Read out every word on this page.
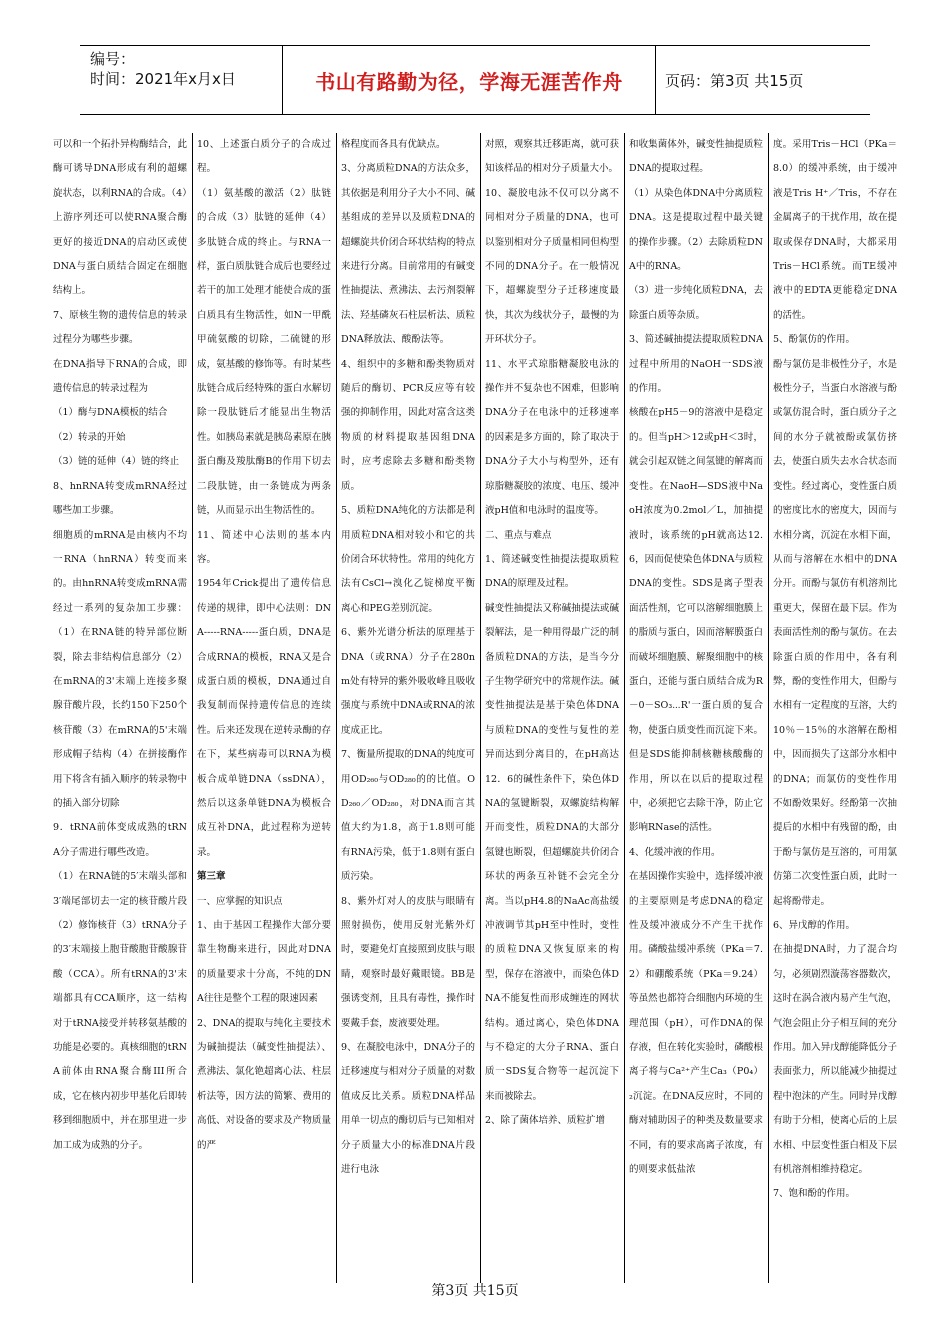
编号：
时间：2021年x月x日	书山有路勤为径，学海无涯苦作舟	页码：第3页 共15页

可以和一个拓扑异构酶结合，此酶可诱导DNA形成有利的超螺旋状态，以利RNA的合成。（4）上游序列还可以使RNA聚合酶更好的接近DNA的启动区或使DNA与蛋白质结合固定在细胞结构上。

7、原核生物的遗传信息的转录过程分为哪些步骤。

在DNA指导下RNA的合成，即遗传信息的转录过程为

（1）酶与DNA模板的结合

（2）转录的开始

（3）链的延伸（4）链的终止

8、hnRNA转变成mRNA经过哪些加工步骤。

细胞质的mRNA是由核内不均一RNA（hnRNA）转变而来的。由hnRNA转变成mRNA需经过一系列的复杂加工步骤：（1）在RNA链的特异部位断裂，除去非结构信息部分（2）在mRNA的3'末端上连接多聚腺苷酸片段，长约150下250个核苷酸（3）在mRNA的5'末端形成帽子结构（4）在拼接酶作用下将含有插入顺序的转录物中的插入部分切除

9．tRNA前体变成成熟的tRNA分子需进行哪些改造。

（1）在RNA链的5′末端头部和3′端尾部切去一定的核苷酸片段（2）修饰核苷（3）tRNA分子的3′末端接上胞苷酸胞苷酸腺苷酸（CCA）。所有tRNA的3'末端都具有CCA顺序，这一结构对于tRNA接受并转移氨基酸的功能是必要的。真核细胞的tRNA前体由RNA聚合酶III所合成，它在核内初步甲基化后即转移到细胞质中，并在那里进一步加工成为成熟的分子。

10、上述蛋白质分子的合成过程。

（1）氨基酸的激活（2）肽链的合成（3）肽链的延伸（4）多肽链合成的终止。与RNA一样，蛋白质肽链合成后也要经过若干的加工处理才能使合成的蛋白质具有生物活性，如N一甲酰甲硫氨酸的切除，二硫键的形成，氨基酸的修饰等。有时某些肽链合成后经特殊的蛋白水解切除一段肽链后才能显出生物活性。如胰岛素就是胰岛素原在胰蛋白酶及羧肽酶B的作用下切去二段肽链，由一条链成为两条链，从而显示出生物活性的。

11、简述中心法则的基本内容。

1954年Crick提出了遗传信息传递的规律，即中心法则：DNA-----RNA-----蛋白质，DNA是合成RNA的模板，RNA又是合成蛋白质的模板，DNA通过自我复制而保持遗传信息的连续性。后来还发现在逆转录酶的存在下，某些病毒可以RNA为模板合成单链DNA（ssDNA），然后以这条单链DNA为模板合成互补DNA，此过程称为逆转录。

第三章

一、应掌握的知识点

1、由于基因工程操作大部分要靠生物酶来进行，因此对DNA的质量要求十分高，不纯的DNA往往是整个工程的限速因素

2、DNA的提取与纯化主要技术为碱抽提法（碱变性抽提法）、煮沸法、氯化铯超离心法、柱层析法等，因方法的简繁、费用的高低、对设备的要求及产物质量的严

格程度而各具有优缺点。

3、分离质粒DNA的方法众多，其依据是利用分子大小不同、碱基组成的差异以及质粒DNA的超螺旋共价闭合环状结构的特点来进行分离。目前常用的有碱变性抽提法、煮沸法、去污剂裂解法、羟基磷灰石柱层析法、质粒DNA释放法、酸酚法等。

4、组织中的多糖和酚类物质对随后的酶切、PCR反应等有较强的抑制作用，因此对富含这类物质的材料提取基因组DNA时，应考虑除去多糖和酚类物质。

5、质粒DNA纯化的方法都是利用质粒DNA相对较小和它的共价闭合环状特性。常用的纯化方法有CsCl→溴化乙锭梯度平衡离心和PEG差别沉淀。

6、紫外光谱分析法的原理基于DNA（或RNA）分子在280nm处有特异的紫外吸收峰且吸收强度与系统中DNA或RNA的浓度成正比。

7、衡量所提取的DNA的纯度可用OD₂₆₀与OD₂₈₀的的比值。OD₂₆₀／OD₂₈₀，对DNA而言其值大约为1.8，高于1.8则可能有RNA污染，低于1.8则有蛋白质污染。

8、紫外灯对人的皮肤与眼睛有照射损伤，使用反射光紫外灯时，要避免灯直接照到皮肤与眼睛，观察时最好戴眼镜。BB是强诱变剂，且具有毒性，操作时要戴手套，废液要处理。

9、在凝胶电泳中，DNA分子的迁移速度与相对分子质量的对数值成反比关系。质粒DNA样品用单一切点的酶切后与已知相对分子质量大小的标准DNA片段进行电泳

对照，观察其迁移距离，就可获知该样品的相对分子质量大小。

10、凝胶电泳不仅可以分离不同相对分子质量的DNA，也可以鉴别相对分子质量相同但构型不同的DNA分子。在一般情况下，超螺旋型分子迁移速度最快，其次为线状分子，最慢的为开环状分子。

11、水平式琼脂糖凝胶电泳的操作并不复杂也不困难，但影响DNA分子在电泳中的迁移速率的因素是多方面的，除了取决于DNA分子大小与构型外，还有琼脂糖凝胶的浓度、电压、缓冲液pH值和电泳时的温度等。

二、重点与难点

1、简述碱变性抽提法提取质粒DNA的原理及过程。

碱变性抽提法又称碱抽提法或碱裂解法，是一种用得最广泛的制备质粒DNA的方法，是当今分子生物学研究中的常规作法。碱变性抽提法是基于染色体DNA与质粒DNA的变性与复性的差异而达到分离目的，在pH高达12．6的碱性条件下，染色体DNA的氢键断裂，双螺旋结构解开而变性，质粒DNA的大部分氢键也断裂，但超螺旋共价闭合环状的两条互补链不会完全分离。当以pH4.8的NaAc高盐缓冲液调节其pH至中性时，变性的质粒DNA又恢复原来的构型，保存在溶液中，而染色体DNA不能复性而形成缠连的网状结构。通过离心，染色体DNA与不稳定的大分子RNA、蛋白质一SDS复合物等一起沉淀下来而被除去。

2、除了菌体培养、质粒扩增

和收集菌体外，碱变性抽提质粒DNA的提取过程。

（1）从染色体DNA中分离质粒DNA。这是提取过程中最关键的操作步骤。（2）去除质粒DNA中的RNA。

（3）进一步纯化质粒DNA，去除蛋白质等杂质。

3、简述碱抽提法提取质粒DNA过程中所用的NaOH一SDS液的作用。

核酸在pH5－9的溶液中是稳定的。但当pH＞12或pH＜3时，就会引起双链之间氢键的解离而变性。在NaoH—SDS液中NaoH浓度为0.2mol／L，加抽提液时，该系统的pH就高达12.6，因而促使染色体DNA与质粒DNA的变性。SDS是离子型表面活性剂，它可以溶解细胞膜上的脂质与蛋白，因而溶解膜蛋白而破坏细胞膜、解聚细胞中的核蛋白，还能与蛋白质结合成为R－0－SO₃⋯R'一蛋白质的复合物，使蛋白质变性而沉淀下来。但是SDS能抑制核糖核酸酶的作用，所以在以后的提取过程中，必须把它去除干净，防止它影响RNase的活性。

4、化缓冲液的作用。

在基因操作实验中，选择缓冲液的主要原则是考虑DNA的稳定性及缓冲液成分不产生干扰作用。磷酸盐缓冲系统（PKa＝7.2）和硼酸系统（PKa＝9.24）等虽然也都符合细胞内环境的生理范围（pH），可作DNA的保存液，但在转化实验时，磷酸根离子将与Ca²⁺产生Ca₃（P0₄）₂沉淀。在DNA反应时，不同的酶对辅助因子的种类及数量要求不同，有的要求高离子浓度，有的则要求低盐浓

度。采用Tris－HCl（PKa＝8.0）的缓冲系统，由于缓冲液是Tris H⁺／Tris，不存在金属离子的干扰作用，故在提取或保存DNA时，大都采用Tris－HCl系统。而TE缓冲液中的EDTA更能稳定DNA的活性。

5、酚氯仿的作用。

酚与氯仿是非极性分子，水是极性分子，当蛋白水溶液与酚或氯仿混合时，蛋白质分子之间的水分子就被酚或氯仿挤去，使蛋白质失去水合状态而变性。经过离心，变性蛋白质的密度比水的密度大，因而与水相分离，沉淀在水相下面，从而与溶解在水相中的DNA分开。而酚与氯仿有机溶剂比重更大，保留在最下层。作为表面活性剂的酚与氯仿。在去除蛋白质的作用中，各有利弊，酚的变性作用大，但酚与水相有一定程度的互溶，大约10％－15％的水溶解在酚相中，因而损失了这部分水相中的DNA；而氯仿的变性作用不如酚效果好。经酚第一次抽提后的水相中有残留的酚，由于酚与氯仿是互溶的，可用氯仿第二次变性蛋白质，此时一起将酚带走。

6、异戊醇的作用。

在抽提DNA时，力了混合均匀，必须剧烈漩荡容器数次，这时在涡合液内易产生气泡，气泡会阻止分子相互间的充分作用。加入异戊醇能降低分子表面张力，所以能减少抽提过程中泡沫的产生。同时异戊醇有助于分相，使离心后的上层水相、中层变性蛋白相及下层有机溶剂相维持稳定。

7、饱和酚的作用。

第3页 共15页
